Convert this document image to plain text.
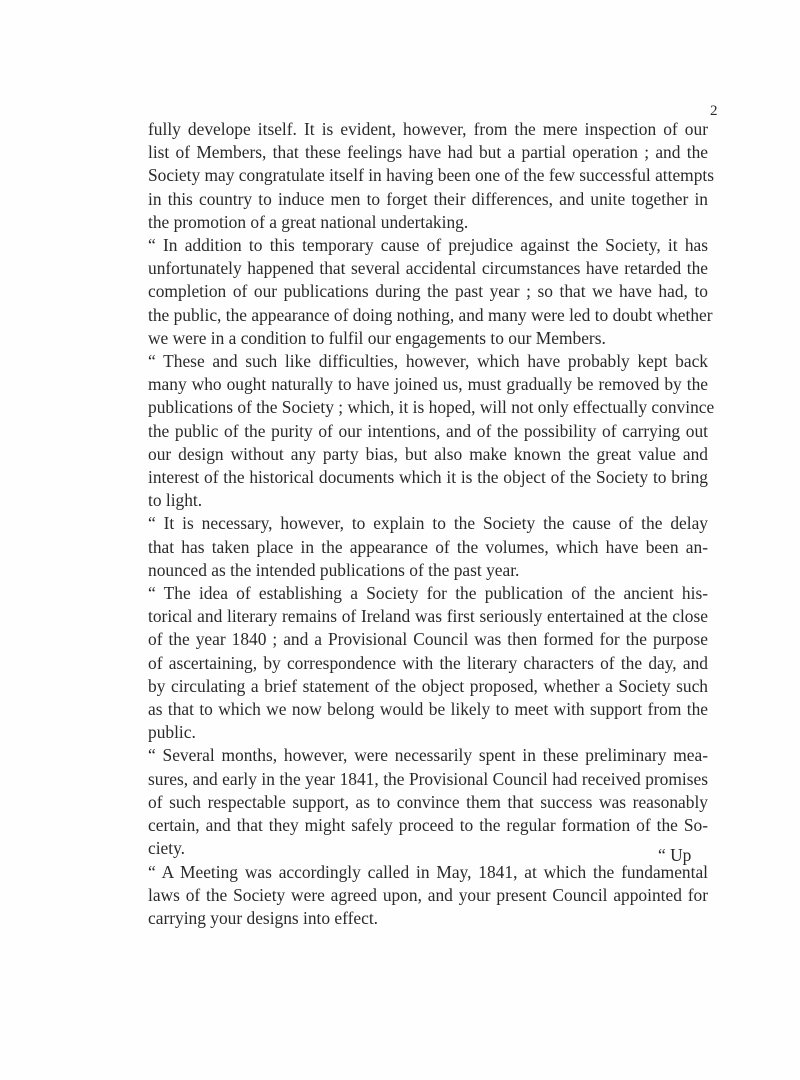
2
fully develope itself. It is evident, however, from the mere inspection of our
list of Members, that these feelings have had but a partial operation ; and the
Society may congratulate itself in having been one of the few successful attempts
in this country to induce men to forget their differences, and unite together in
the promotion of a great national undertaking.
“ In addition to this temporary cause of prejudice against the Society, it has
unfortunately happened that several accidental circumstances have retarded the
completion of our publications during the past year ; so that we have had, to
the public, the appearance of doing nothing, and many were led to doubt whether
we were in a condition to fulfil our engagements to our Members.
“ These and such like difficulties, however, which have probably kept back
many who ought naturally to have joined us, must gradually be removed by the
publications of the Society ; which, it is hoped, will not only effectually convince
the public of the purity of our intentions, and of the possibility of carrying out
our design without any party bias, but also make known the great value and
interest of the historical documents which it is the object of the Society to bring
to light.
“ It is necessary, however, to explain to the Society the cause of the delay
that has taken place in the appearance of the volumes, which have been an-
nounced as the intended publications of the past year.
“ The idea of establishing a Society for the publication of the ancient his-
torical and literary remains of Ireland was first seriously entertained at the close
of the year 1840 ; and a Provisional Council was then formed for the purpose
of ascertaining, by correspondence with the literary characters of the day, and
by circulating a brief statement of the object proposed, whether a Society such
as that to which we now belong would be likely to meet with support from the
public.
“ Several months, however, were necessarily spent in these preliminary mea-
sures, and early in the year 1841, the Provisional Council had received promises
of such respectable support, as to convince them that success was reasonably
certain, and that they might safely proceed to the regular formation of the So-
ciety.
“ A Meeting was accordingly called in May, 1841, at which the fundamental
laws of the Society were agreed upon, and your present Council appointed for
carrying your designs into effect.
“ Up
